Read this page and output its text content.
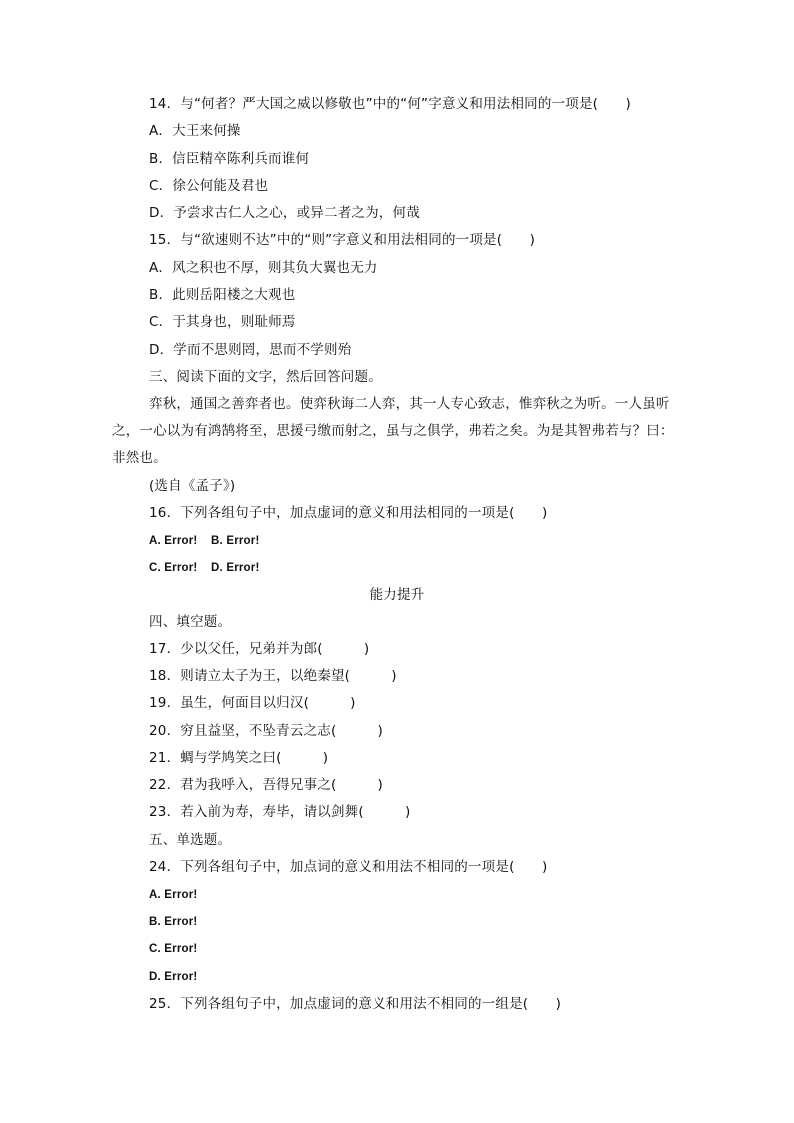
14．与“何者？严大国之威以修敬也”中的“何”字意义和用法相同的一项是(　　)
A．大王来何操
B．信臣精卒陈利兵而谁何
C．徐公何能及君也
D．予尝求古仁人之心，或异二者之为，何哉
15．与“欲速则不达”中的“则”字意义和用法相同的一项是(　　)
A．风之积也不厚，则其负大翼也无力
B．此则岳阳楼之大观也
C．于其身也，则耻师焉
D．学而不思则罔，思而不学则殆
三、阅读下面的文字，然后回答问题。
弈秋，通国之善弈者也。使弈秋诲二人弈，其一人专心致志，惟弈秋之为听。一人虽听
之，一心以为有鸿鹄将至，思援弓缴而射之，虽与之俱学，弗若之矣。为是其智弗若与？曰：
非然也。
(选自《孟子》)
16．下列各组句子中，加点虚词的意义和用法相同的一项是(　　)
A. Error!    B. Error!
C. Error!    D. Error!
能力提升
四、填空题。
17．少以父任，兄弟并为郎(　　　)
18．则请立太子为王，以绝秦望(　　　)
19．虽生，何面目以归汉(　　　)
20．穷且益坚，不坠青云之志(　　　)
21．蜩与学鸠笑之曰(　　　)
22．君为我呼入，吾得兄事之(　　　)
23．若入前为寿，寿毕，请以剑舞(　　　)
五、单选题。
24．下列各组句子中，加点词的意义和用法不相同的一项是(　　)
A. Error!
B. Error!
C. Error!
D. Error!
25．下列各组句子中，加点虚词的意义和用法不相同的一组是(　　)
